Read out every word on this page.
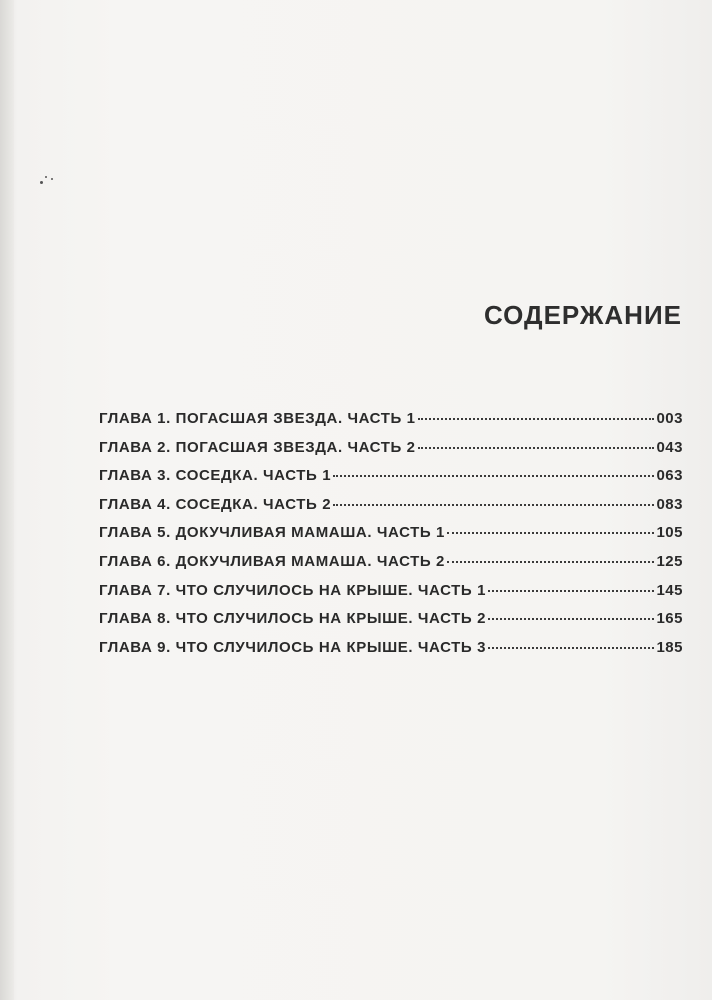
СОДЕРЖАНИЕ
ГЛАВА 1. ПОГАСШАЯ ЗВЕЗДА. ЧАСТЬ 1	003
ГЛАВА 2. ПОГАСШАЯ ЗВЕЗДА. ЧАСТЬ 2	043
ГЛАВА 3. СОСЕДКА. ЧАСТЬ 1	063
ГЛАВА 4. СОСЕДКА. ЧАСТЬ 2	083
ГЛАВА 5. ДОКУЧЛИВАЯ МАМАША. ЧАСТЬ 1	105
ГЛАВА 6. ДОКУЧЛИВАЯ МАМАША. ЧАСТЬ 2	125
ГЛАВА 7. ЧТО СЛУЧИЛОСЬ НА КРЫШЕ. ЧАСТЬ 1	145
ГЛАВА 8. ЧТО СЛУЧИЛОСЬ НА КРЫШЕ. ЧАСТЬ 2	165
ГЛАВА 9. ЧТО СЛУЧИЛОСЬ НА КРЫШЕ. ЧАСТЬ 3	185
